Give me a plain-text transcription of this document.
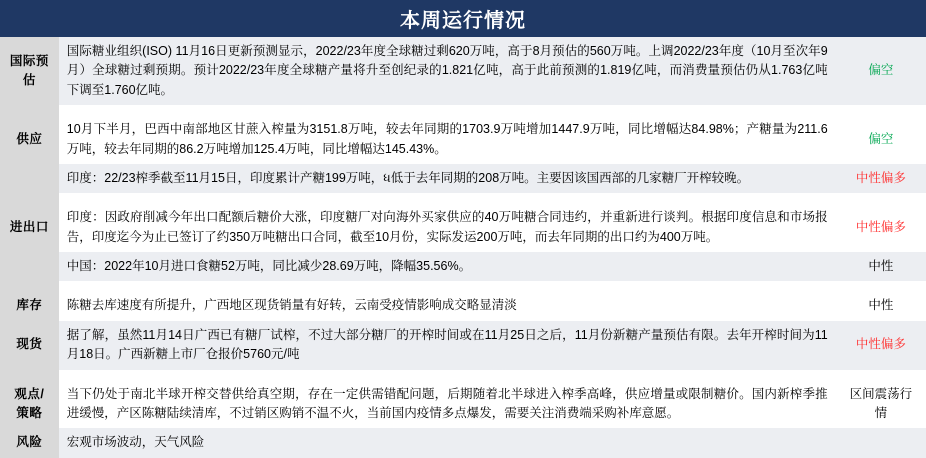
本周运行情况
国际预估	国际糖业组织(ISO) 11月16日更新预测显示，2022/23年度全球糖过剩620万吨，高于8月预估的560万吨。上调2022/23年度（10月至次年9月）全球糖过剩预期。预计2022/23年度全球糖产量将升至创纪录的1.821亿吨，高于此前预测的1.819亿吨，而消费量预估仍从1.763亿吨下调至1.760亿吨。	偏空

供应	10月下半月，巴西中南部地区甘蔗入榨量为3151.8万吨，较去年同期的1703.9万吨增加1447.9万吨，同比增幅达84.98%；产糖量为211.6万吨，较去年同期的86.2万吨增加125.4万吨，同比增幅达145.43%。	偏空
	印度：22/23榨季截至11月15日，印度累计产糖199万吨，ધ低于去年同期的208万吨。主要因该国西部的几家糖厂开榨较晚。	中性偏多

进出口	印度：因政府削减今年出口配额后糖价大涨，印度糖厂对向海外买家供应的40万吨糖合同违约，并重新进行谈判。根据印度信息和市场报告，印度迄今为止已签订了约350万吨糖出口合同，截至10月份，实际发运200万吨，而去年同期的出口约为400万吨。	中性偏多
	中国：2022年10月进口食糖52万吨，同比减少28.69万吨，降幅35.56%。	中性

库存	陈糖去库速度有所提升，广西地区现货销量有好转，云南受疫情影响成交略显清淡	中性
现货	据了解，虽然11月14日广西已有糖厂试榨，不过大部分糖厂的开榨时间或在11月25日之后，11月份新糖产量预估有限。去年开榨时间为11月18日。广西新糖上市厂仓报价5760元/吨	中性偏多

观点/策略	当下仍处于南北半球开榨交替供给真空期，存在一定供需错配问题，后期随着北半球进入榨季高峰，供应增量或限制糖价。国内新榨季推进缓慢，产区陈糖陆续清库，不过销区购销不温不火，当前国内疫情多点爆发，需要关注消费端采购补库意愿。	区间震荡行情
风险	宏观市场波动，天气风险	
